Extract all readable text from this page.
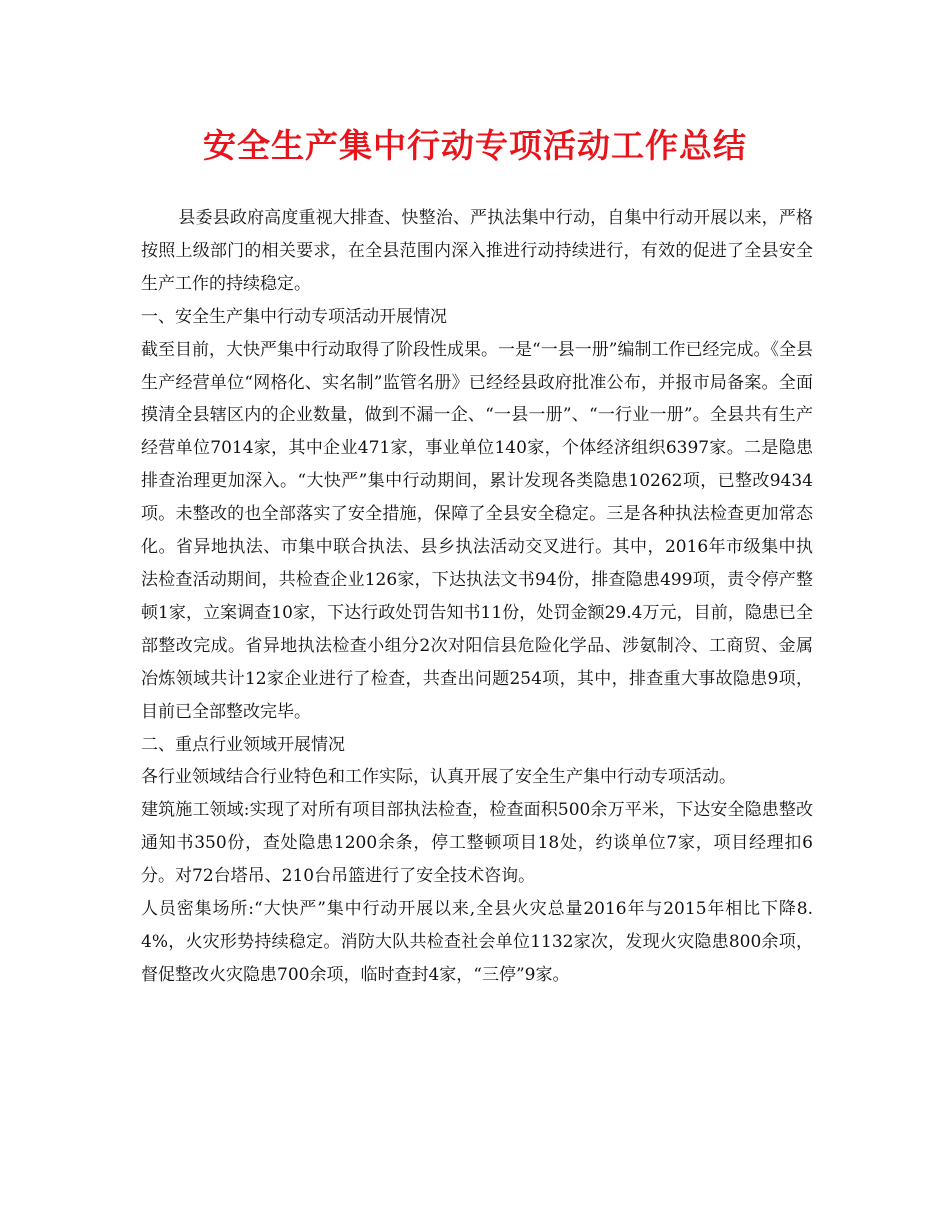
安全生产集中行动专项活动工作总结

县委县政府高度重视大排查、快整治、严执法集中行动，自集中行动开展以来，严格按照上级部门的相关要求，在全县范围内深入推进行动持续进行，有效的促进了全县安全生产工作的持续稳定。

一、安全生产集中行动专项活动开展情况

截至目前，大快严集中行动取得了阶段性成果。一是“一县一册”编制工作已经完成。《全县生产经营单位“网格化、实名制”监管名册》已经经县政府批准公布，并报市局备案。全面摸清全县辖区内的企业数量，做到不漏一企、“一县一册”、“一行业一册”。全县共有生产经营单位7014家，其中企业471家，事业单位140家，个体经济组织6397家。二是隐患排查治理更加深入。“大快严”集中行动期间，累计发现各类隐患10262项，已整改9434项。未整改的也全部落实了安全措施，保障了全县安全稳定。三是各种执法检查更加常态化。省异地执法、市集中联合执法、县乡执法活动交叉进行。其中，2016年市级集中执法检查活动期间，共检查企业126家，下达执法文书94份，排查隐患499项，责令停产整顿1家，立案调查10家，下达行政处罚告知书11份，处罚金额29.4万元，目前，隐患已全部整改完成。省异地执法检查小组分2次对阳信县危险化学品、涉氨制冷、工商贸、金属冶炼领域共计12家企业进行了检查，共查出问题254项，其中，排查重大事故隐患9项，目前已全部整改完毕。

二、重点行业领域开展情况

各行业领域结合行业特色和工作实际，认真开展了安全生产集中行动专项活动。

建筑施工领域:实现了对所有项目部执法检查，检查面积500余万平米，下达安全隐患整改通知书350份，查处隐患1200余条，停工整顿项目18处，约谈单位7家，项目经理扣6分。对72台塔吊、210台吊篮进行了安全技术咨询。

人员密集场所:“大快严”集中行动开展以来,全县火灾总量2016年与2015年相比下降8.4%，火灾形势持续稳定。消防大队共检查社会单位1132家次，发现火灾隐患800余项，督促整改火灾隐患700余项，临时查封4家，“三停”9家。
